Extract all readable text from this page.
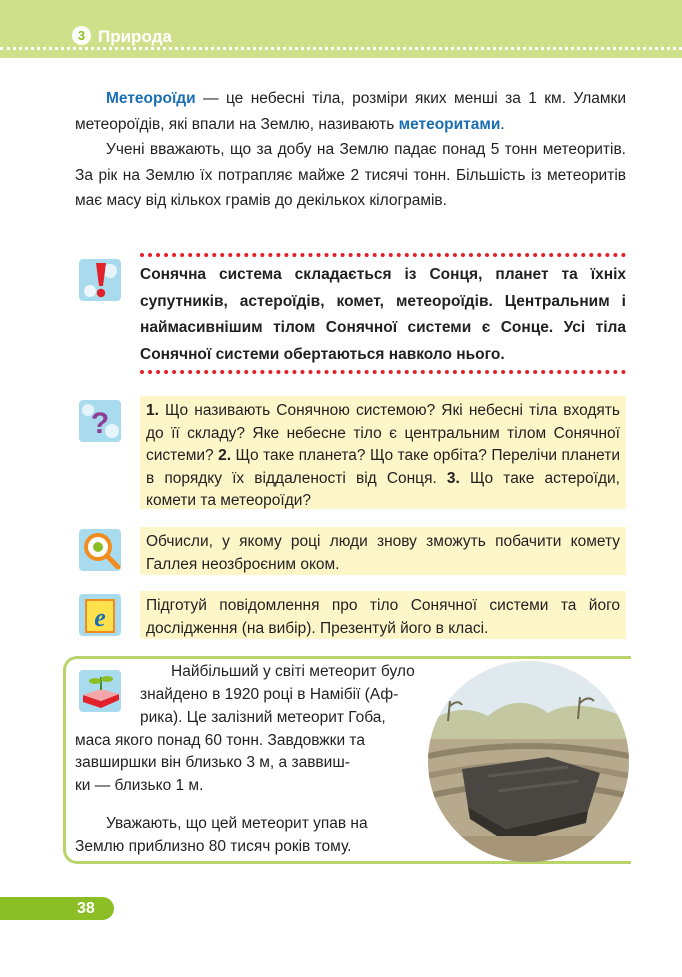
3 Природа

Метеороїди — це небесні тіла, розміри яких менші за 1 км. Уламки метеороїдів, які впали на Землю, називають метеоритами.

Учені вважають, що за добу на Землю падає понад 5 тонн метеоритів. За рік на Землю їх потрапляє майже 2 тисячі тонн. Більшість із метеоритів має масу від кількох грамів до декількох кілограмів.

Сонячна система складається із Сонця, планет та їхніх супутників, астероїдів, комет, метеороїдів. Центральним і наймасивнішим тілом Сонячної системи є Сонце. Усі тіла Сонячної системи обертаються навколо нього.

?	1. Що називають Сонячною системою? Які небесні тіла входять до її складу? Яке небесне тіло є центральним тілом Сонячної системи? 2. Що таке планета? Що таке орбіта? Перелічи планети в порядку їх віддаленості від Сонця. 3. Що таке астероїди, комети та метеороїди?

Обчисли, у якому році люди знову зможуть побачити комету Галлея неозброєним оком.

e	Підготуй повідомлення про тіло Сонячної системи та його дослідження (на вибір). Презентуй його в класі.

Найбільший у світі метеорит було

знайдено в 1920 році в Намібії (Аф-

рика). Це залізний метеорит Гоба,

маса якого понад 60 тонн. Завдовжки та

завширшки він близько 3 м, а заввиш-

ки — близько 1 м.

Уважають, що цей метеорит упав на

Землю приблизно 80 тисяч років тому.

38
